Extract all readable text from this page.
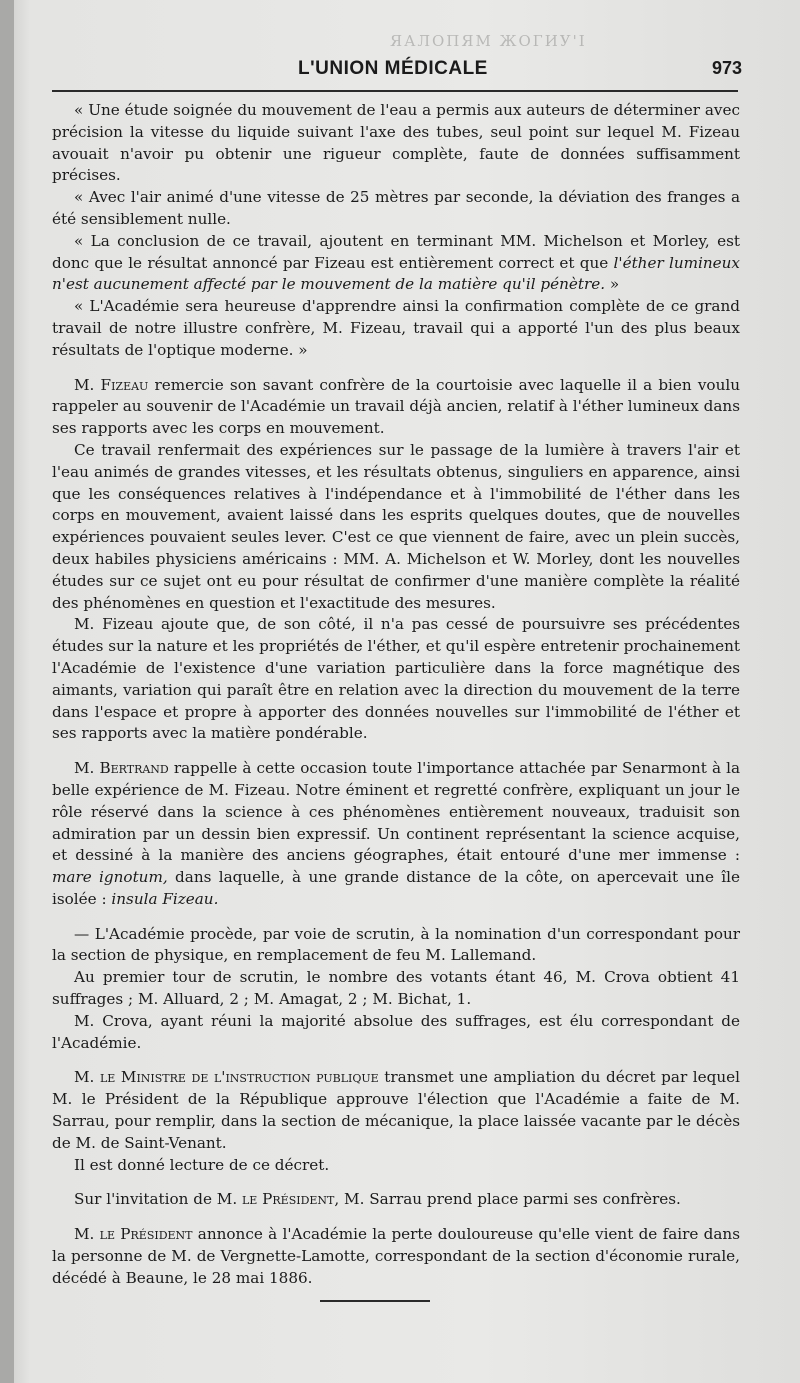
ЯАЛОПЯМ ЖОГИУ'І
L'UNION MÉDICALE	973

« Une étude soignée du mouvement de l'eau a permis aux auteurs de déterminer avec précision la vitesse du liquide suivant l'axe des tubes, seul point sur lequel M. Fizeau avouait n'avoir pu obtenir une rigueur complète, faute de données suffisamment précises.

« Avec l'air animé d'une vitesse de 25 mètres par seconde, la déviation des franges a été sensiblement nulle.

« La conclusion de ce travail, ajoutent en terminant MM. Michelson et Morley, est donc que le résultat annoncé par Fizeau est entièrement correct et que l'éther lumineux n'est aucunement affecté par le mouvement de la matière qu'il pénètre. »

« L'Académie sera heureuse d'apprendre ainsi la confirmation complète de ce grand travail de notre illustre confrère, M. Fizeau, travail qui a apporté l'un des plus beaux résultats de l'optique moderne. »

M. Fizeau remercie son savant confrère de la courtoisie avec laquelle il a bien voulu rappeler au souvenir de l'Académie un travail déjà ancien, relatif à l'éther lumineux dans ses rapports avec les corps en mouvement.

Ce travail renfermait des expériences sur le passage de la lumière à travers l'air et l'eau animés de grandes vitesses, et les résultats obtenus, singuliers en apparence, ainsi que les conséquences relatives à l'indépendance et à l'immobilité de l'éther dans les corps en mouvement, avaient laissé dans les esprits quelques doutes, que de nouvelles expériences pouvaient seules lever. C'est ce que viennent de faire, avec un plein succès, deux habiles physiciens américains : MM. A. Michelson et W. Morley, dont les nouvelles études sur ce sujet ont eu pour résultat de confirmer d'une manière complète la réalité des phénomènes en question et l'exactitude des mesures.

M. Fizeau ajoute que, de son côté, il n'a pas cessé de poursuivre ses précédentes études sur la nature et les propriétés de l'éther, et qu'il espère entretenir prochainement l'Académie de l'existence d'une variation particulière dans la force magnétique des aimants, variation qui paraît être en relation avec la direction du mouvement de la terre dans l'espace et propre à apporter des données nouvelles sur l'immobilité de l'éther et ses rapports avec la matière pondérable.

M. Bertrand rappelle à cette occasion toute l'importance attachée par Senarmont à la belle expérience de M. Fizeau. Notre éminent et regretté confrère, expliquant un jour le rôle réservé dans la science à ces phénomènes entièrement nouveaux, traduisit son admiration par un dessin bien expressif. Un continent représentant la science acquise, et dessiné à la manière des anciens géographes, était entouré d'une mer immense : mare ignotum, dans laquelle, à une grande distance de la côte, on apercevait une île isolée : insula Fizeau.

— L'Académie procède, par voie de scrutin, à la nomination d'un correspondant pour la section de physique, en remplacement de feu M. Lallemand.

Au premier tour de scrutin, le nombre des votants étant 46, M. Crova obtient 41 suffrages ; M. Alluard, 2 ; M. Amagat, 2 ; M. Bichat, 1.

M. Crova, ayant réuni la majorité absolue des suffrages, est élu correspondant de l'Académie.

M. le Ministre de l'instruction publique transmet une ampliation du décret par lequel M. le Président de la République approuve l'élection que l'Académie a faite de M. Sarrau, pour remplir, dans la section de mécanique, la place laissée vacante par le décès de M. de Saint-Venant.

Il est donné lecture de ce décret.

Sur l'invitation de M. le Président, M. Sarrau prend place parmi ses confrères.

M. le Président annonce à l'Académie la perte douloureuse qu'elle vient de faire dans la personne de M. de Vergnette-Lamotte, correspondant de la section d'économie rurale, décédé à Beaune, le 28 mai 1886.
